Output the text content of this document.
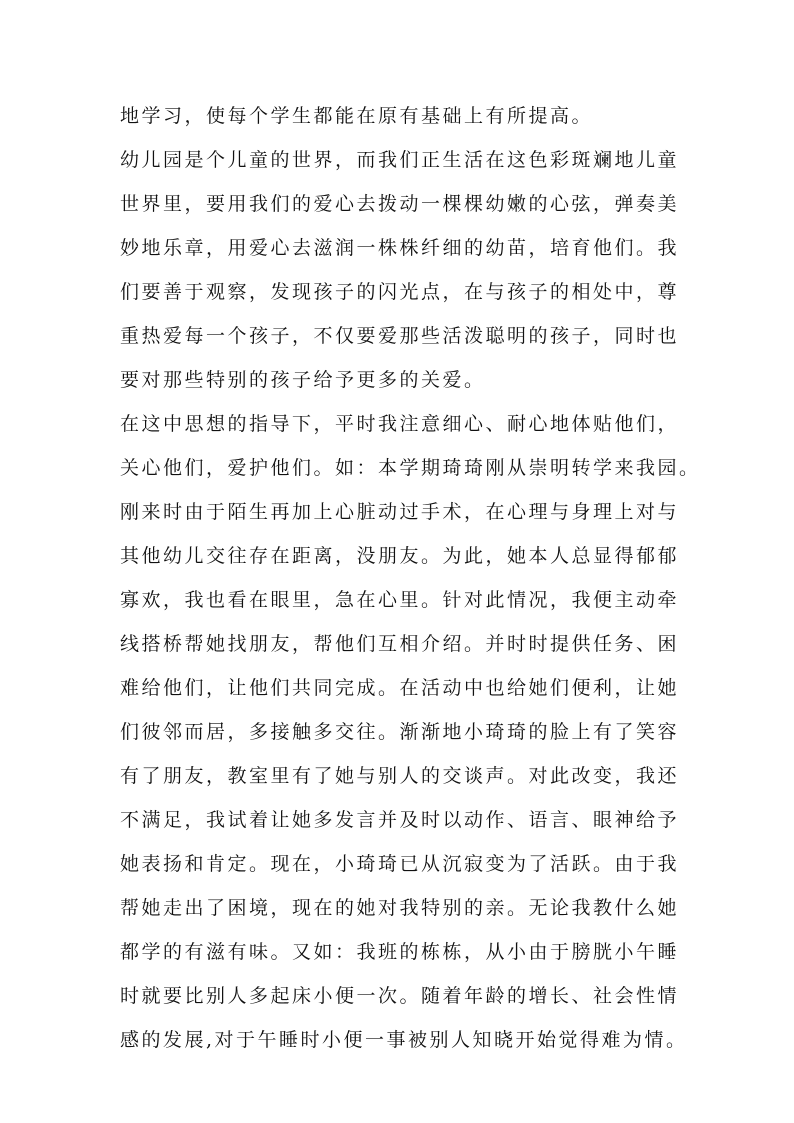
地学习，使每个学生都能在原有基础上有所提高。
幼儿园是个儿童的世界，而我们正生活在这色彩斑斓地儿童
世界里，要用我们的爱心去拨动一棵棵幼嫩的心弦，弹奏美
妙地乐章，用爱心去滋润一株株纤细的幼苗，培育他们。我
们要善于观察，发现孩子的闪光点，在与孩子的相处中，尊
重热爱每一个孩子，不仅要爱那些活泼聪明的孩子，同时也
要对那些特别的孩子给予更多的关爱。
在这中思想的指导下，平时我注意细心、耐心地体贴他们，
关心他们，爱护他们。如：本学期琦琦刚从崇明转学来我园。
刚来时由于陌生再加上心脏动过手术，在心理与身理上对与
其他幼儿交往存在距离，没朋友。为此，她本人总显得郁郁
寡欢，我也看在眼里，急在心里。针对此情况，我便主动牵
线搭桥帮她找朋友，帮他们互相介绍。并时时提供任务、困
难给他们，让他们共同完成。在活动中也给她们便利，让她
们彼邻而居，多接触多交往。渐渐地小琦琦的脸上有了笑容
有了朋友，教室里有了她与别人的交谈声。对此改变，我还
不满足，我试着让她多发言并及时以动作、语言、眼神给予
她表扬和肯定。现在，小琦琦已从沉寂变为了活跃。由于我
帮她走出了困境，现在的她对我特别的亲。无论我教什么她
都学的有滋有味。又如：我班的栋栋，从小由于膀胱小午睡
时就要比别人多起床小便一次。随着年龄的增长、社会性情
感的发展,对于午睡时小便一事被别人知晓开始觉得难为情。
